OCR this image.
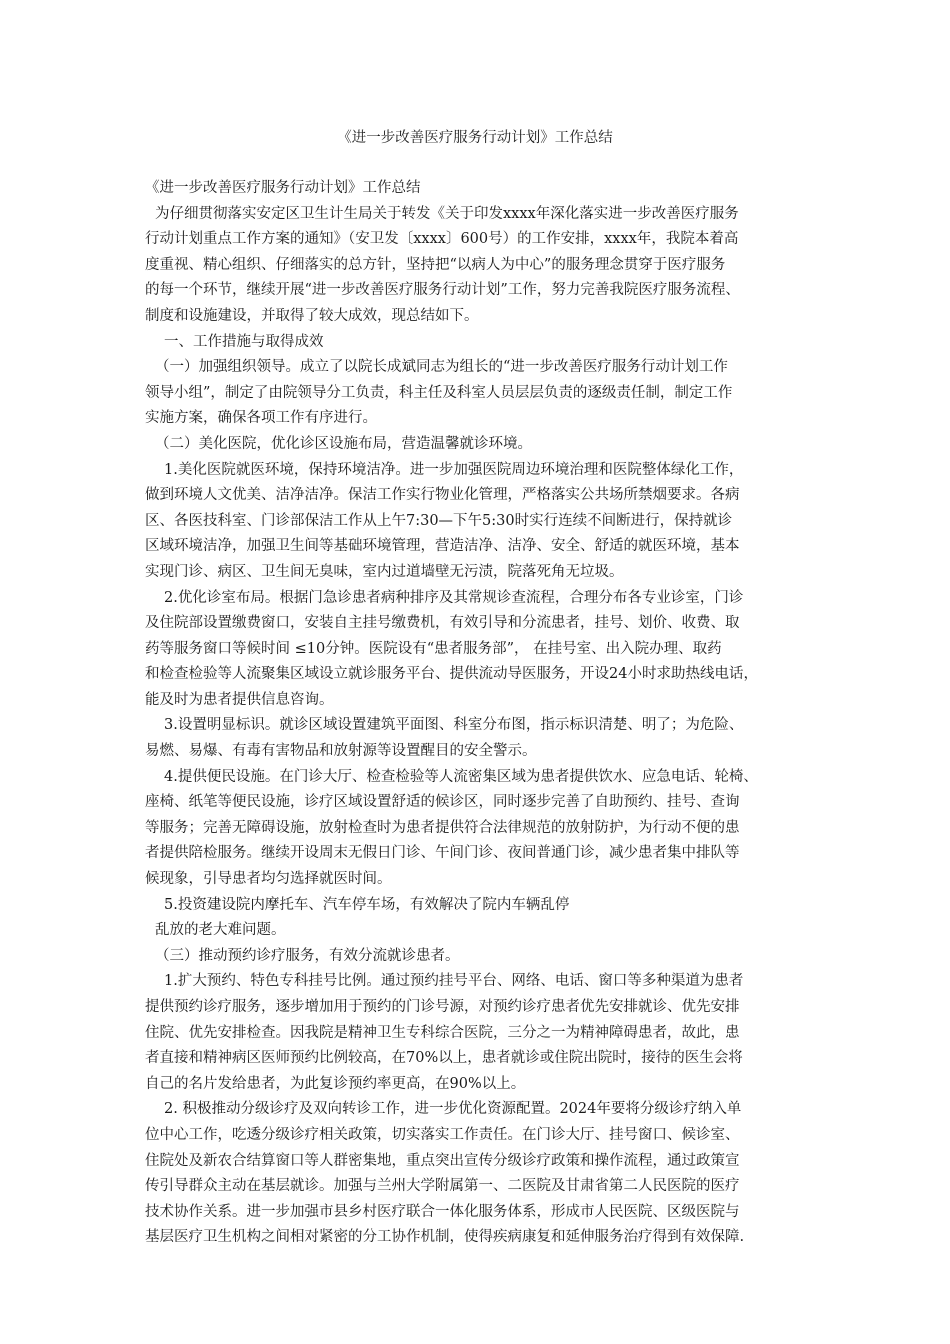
《进一步改善医疗服务行动计划》工作总结
《进一步改善医疗服务行动计划》工作总结
为仔细贯彻落实安定区卫生计生局关于转发《关于印发xxxx年深化落实进一步改善医疗服务
行动计划重点工作方案的通知》（安卫发〔xxxx〕600号）的工作安排，xxxx年，我院本着高
度重视、精心组织、仔细落实的总方针，坚持把“以病人为中心”的服务理念贯穿于医疗服务
的每一个环节，继续开展“进一步改善医疗服务行动计划”工作，努力完善我院医疗服务流程、
制度和设施建设，并取得了较大成效，现总结如下。
一、工作措施与取得成效
（一）加强组织领导。成立了以院长成斌同志为组长的“进一步改善医疗服务行动计划工作
领导小组”，制定了由院领导分工负责，科主任及科室人员层层负责的逐级责任制，制定工作
实施方案，确保各项工作有序进行。
（二）美化医院，优化诊区设施布局，营造温馨就诊环境。
1.美化医院就医环境，保持环境洁净。进一步加强医院周边环境治理和医院整体绿化工作，
做到环境人文优美、洁净洁净。保洁工作实行物业化管理，严格落实公共场所禁烟要求。各病
区、各医技科室、门诊部保洁工作从上午7:30—下午5:30时实行连续不间断进行，保持就诊
区域环境洁净，加强卫生间等基础环境管理，营造洁净、洁净、安全、舒适的就医环境，基本
实现门诊、病区、卫生间无臭味，室内过道墙壁无污渍，院落死角无垃圾。
2.优化诊室布局。根据门急诊患者病种排序及其常规诊查流程，合理分布各专业诊室，门诊
及住院部设置缴费窗口，安装自主挂号缴费机，有效引导和分流患者，挂号、划价、收费、取
药等服务窗口等候时间 ≤10分钟。医院设有“患者服务部”， 在挂号室、出入院办理、取药
和检查检验等人流聚集区域设立就诊服务平台、提供流动导医服务，开设24小时求助热线电话，
能及时为患者提供信息咨询。
3.设置明显标识。就诊区域设置建筑平面图、科室分布图，指示标识清楚、明了；为危险、
易燃、易爆、有毒有害物品和放射源等设置醒目的安全警示。
4.提供便民设施。在门诊大厅、检查检验等人流密集区域为患者提供饮水、应急电话、轮椅、
座椅、纸笔等便民设施，诊疗区域设置舒适的候诊区，同时逐步完善了自助预约、挂号、查询
等服务；完善无障碍设施，放射检查时为患者提供符合法律规范的放射防护，为行动不便的患
者提供陪检服务。继续开设周末无假日门诊、午间门诊、夜间普通门诊，减少患者集中排队等
候现象，引导患者均匀选择就医时间。
5.投资建设院内摩托车、汽车停车场，有效解决了院内车辆乱停
乱放的老大难问题。
（三）推动预约诊疗服务，有效分流就诊患者。
1.扩大预约、特色专科挂号比例。通过预约挂号平台、网络、电话、窗口等多种渠道为患者
提供预约诊疗服务，逐步增加用于预约的门诊号源，对预约诊疗患者优先安排就诊、优先安排
住院、优先安排检查。因我院是精神卫生专科综合医院，三分之一为精神障碍患者，故此，患
者直接和精神病区医师预约比例较高，在70%以上，患者就诊或住院出院时，接待的医生会将
自己的名片发给患者，为此复诊预约率更高，在90%以上。
2. 积极推动分级诊疗及双向转诊工作，进一步优化资源配置。2024年要将分级诊疗纳入单
位中心工作，吃透分级诊疗相关政策，切实落实工作责任。在门诊大厅、挂号窗口、候诊室、
住院处及新农合结算窗口等人群密集地，重点突出宣传分级诊疗政策和操作流程，通过政策宣
传引导群众主动在基层就诊。加强与兰州大学附属第一、二医院及甘肃省第二人民医院的医疗
技术协作关系。进一步加强市县乡村医疗联合一体化服务体系，形成市人民医院、区级医院与
基层医疗卫生机构之间相对紧密的分工协作机制，使得疾病康复和延伸服务治疗得到有效保障.
